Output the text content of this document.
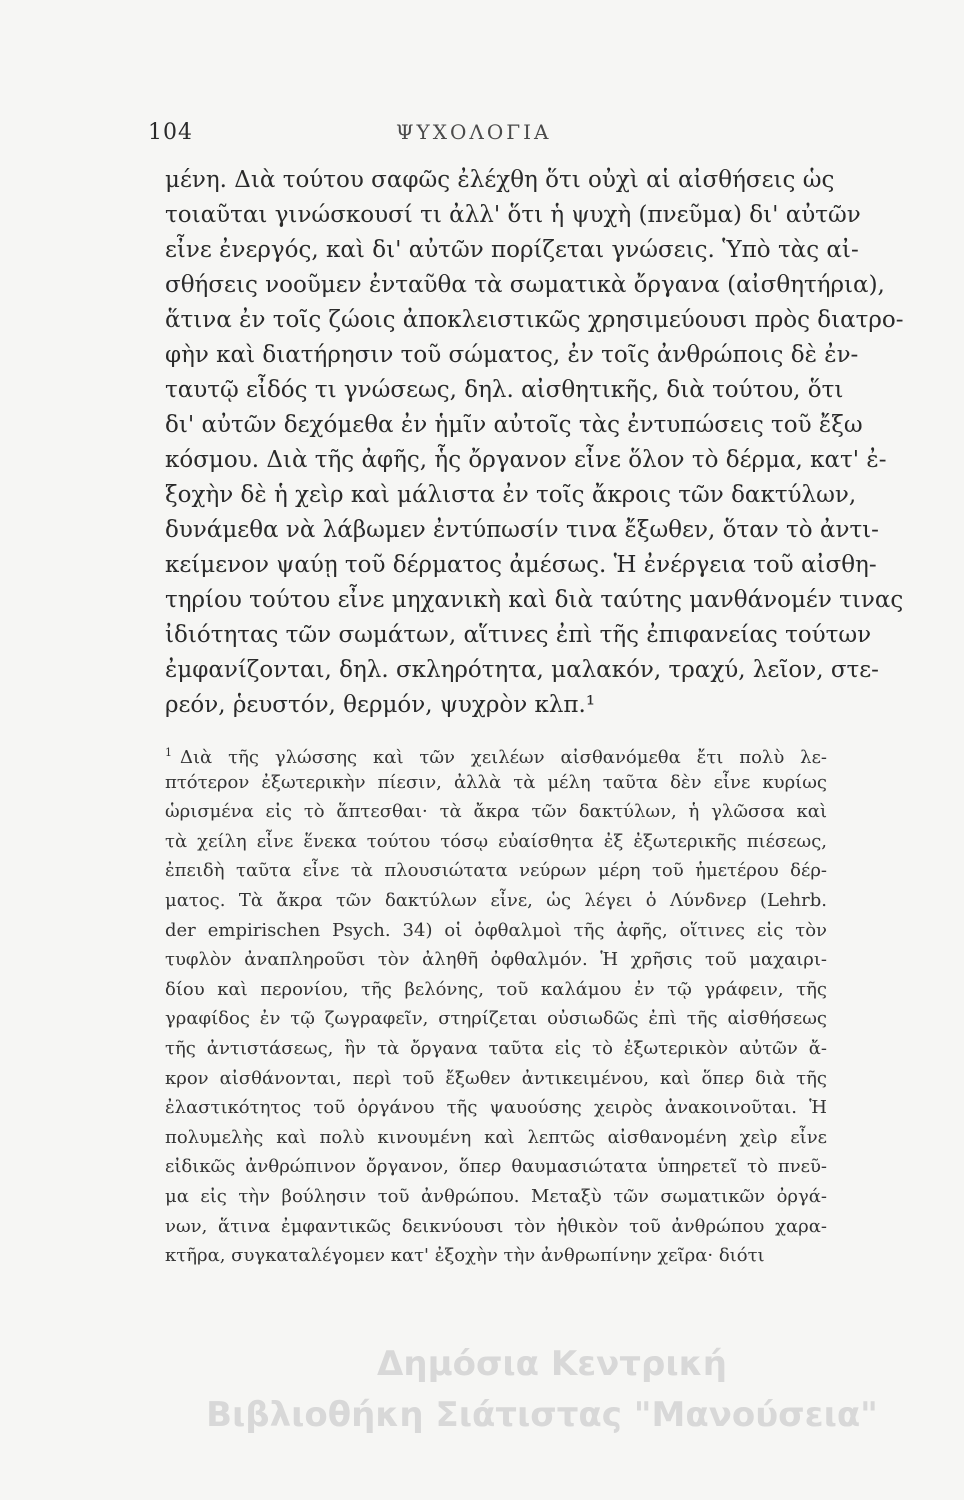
104	ΨΥΧΟΛΟΓΙΑ
μένη. Διὰ τούτου σαφῶς ἐλέχθη ὅτι οὐχὶ αἱ αἰσθήσεις ὡς
τοιαῦται γινώσκουσί τι ἀλλ' ὅτι ἡ ψυχὴ (πνεῦμα) δι' αὐτῶν
εἶνε ἐνεργός, καὶ δι' αὐτῶν πορίζεται γνώσεις. Ὑπὸ τὰς αἰ-
σθήσεις νοοῦμεν ἐνταῦθα τὰ σωματικὰ ὄργανα (αἰσθητήρια),
ἅτινα ἐν τοῖς ζώοις ἀποκλειστικῶς χρησιμεύουσι πρὸς διατρο-
φὴν καὶ διατήρησιν τοῦ σώματος, ἐν τοῖς ἀνθρώποις δὲ ἐν-
ταυτῷ εἶδός τι γνώσεως, δηλ. αἰσθητικῆς, διὰ τούτου, ὅτι
δι' αὐτῶν δεχόμεθα ἐν ἡμῖν αὐτοῖς τὰς ἐντυπώσεις τοῦ ἔξω
κόσμου. Διὰ τῆς ἀφῆς, ἧς ὄργανον εἶνε ὅλον τὸ δέρμα, κατ' ἐ-
ξοχὴν δὲ ἡ χεὶρ καὶ μάλιστα ἐν τοῖς ἄκροις τῶν δακτύλων,
δυνάμεθα νὰ λάβωμεν ἐντύπωσίν τινα ἔξωθεν, ὅταν τὸ ἀντι-
κείμενον ψαύῃ τοῦ δέρματος ἀμέσως. Ἡ ἐνέργεια τοῦ αἰσθη-
τηρίου τούτου εἶνε μηχανικὴ καὶ διὰ ταύτης μανθάνομέν τινας
ἰδιότητας τῶν σωμάτων, αἵτινες ἐπὶ τῆς ἐπιφανείας τούτων
ἐμφανίζονται, δηλ. σκληρότητα, μαλακόν, τραχύ, λεῖον, στε-
ρεόν, ῥευστόν, θερμόν, ψυχρὸν κλπ.¹
$^1$ Διὰ τῆς γλώσσης καὶ τῶν χειλέων αἰσθανόμεθα ἔτι πολὺ λε-
πτότερον ἐξωτερικὴν πίεσιν, ἀλλὰ τὰ μέλη ταῦτα δὲν εἶνε κυρίως
ὡρισμένα εἰς τὸ ἅπτεσθαι· τὰ ἄκρα τῶν δακτύλων, ἡ γλῶσσα καὶ
τὰ χείλη εἶνε ἕνεκα τούτου τόσῳ εὐαίσθητα ἐξ ἐξωτερικῆς πιέσεως,
ἐπειδὴ ταῦτα εἶνε τὰ πλουσιώτατα νεύρων μέρη τοῦ ἡμετέρου δέρ-
ματος. Τὰ ἄκρα τῶν δακτύλων εἶνε, ὡς λέγει ὁ Λύνδνερ (Lehrb.
der empirischen Psych. 34) οἱ ὀφθαλμοὶ τῆς ἀφῆς, οἵτινες εἰς τὸν
τυφλὸν ἀναπληροῦσι τὸν ἀληθῆ ὀφθαλμόν. Ἡ χρῆσις τοῦ μαχαιρι-
δίου καὶ περονίου, τῆς βελόνης, τοῦ καλάμου ἐν τῷ γράφειν, τῆς
γραφίδος ἐν τῷ ζωγραφεῖν, στηρίζεται οὐσιωδῶς ἐπὶ τῆς αἰσθήσεως
τῆς ἀντιστάσεως, ἣν τὰ ὄργανα ταῦτα εἰς τὸ ἐξωτερικὸν αὐτῶν ἄ-
κρον αἰσθάνονται, περὶ τοῦ ἔξωθεν ἀντικειμένου, καὶ ὅπερ διὰ τῆς
ἐλαστικότητος τοῦ ὀργάνου τῆς ψαυούσης χειρὸς ἀνακοινοῦται. Ἡ
πολυμελὴς καὶ πολὺ κινουμένη καὶ λεπτῶς αἰσθανομένη χεὶρ εἶνε
εἰδικῶς ἀνθρώπινον ὄργανον, ὅπερ θαυμασιώτατα ὑπηρετεῖ τὸ πνεῦ-
μα εἰς τὴν βούλησιν τοῦ ἀνθρώπου. Μεταξὺ τῶν σωματικῶν ὀργά-
νων, ἅτινα ἐμφαντικῶς δεικνύουσι τὸν ἠθικὸν τοῦ ἀνθρώπου χαρα-
κτῆρα, συγκαταλέγομεν κατ' ἐξοχὴν τὴν ἀνθρωπίνην χεῖρα· διότι
Δημόσια Κεντρική
Βιβλιοθήκη Σιάτιστας "Μανούσεια"
